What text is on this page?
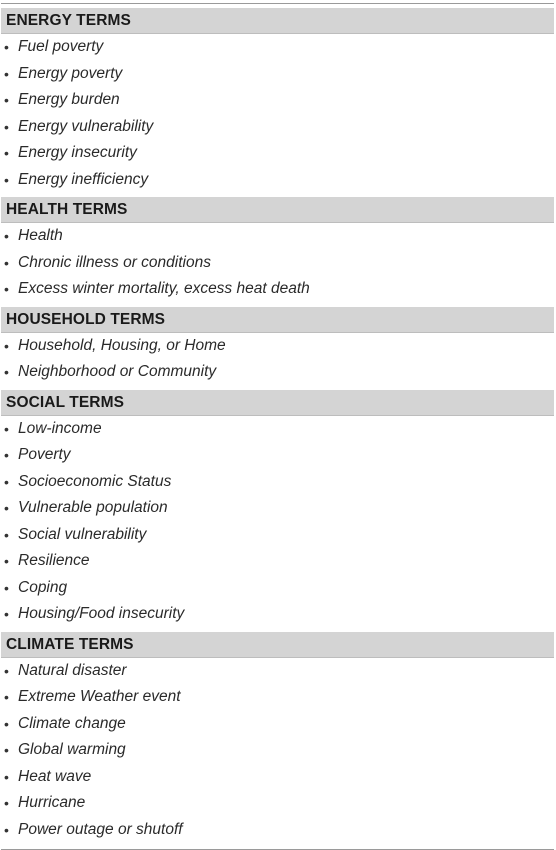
ENERGY TERMS
• Fuel poverty
• Energy poverty
• Energy burden
• Energy vulnerability
• Energy insecurity
• Energy inefficiency
HEALTH TERMS
• Health
• Chronic illness or conditions
• Excess winter mortality, excess heat death
HOUSEHOLD TERMS
• Household, Housing, or Home
• Neighborhood or Community
SOCIAL TERMS
• Low-income
• Poverty
• Socioeconomic Status
• Vulnerable population
• Social vulnerability
• Resilience
• Coping
• Housing/Food insecurity
CLIMATE TERMS
• Natural disaster
• Extreme Weather event
• Climate change
• Global warming
• Heat wave
• Hurricane
• Power outage or shutoff
